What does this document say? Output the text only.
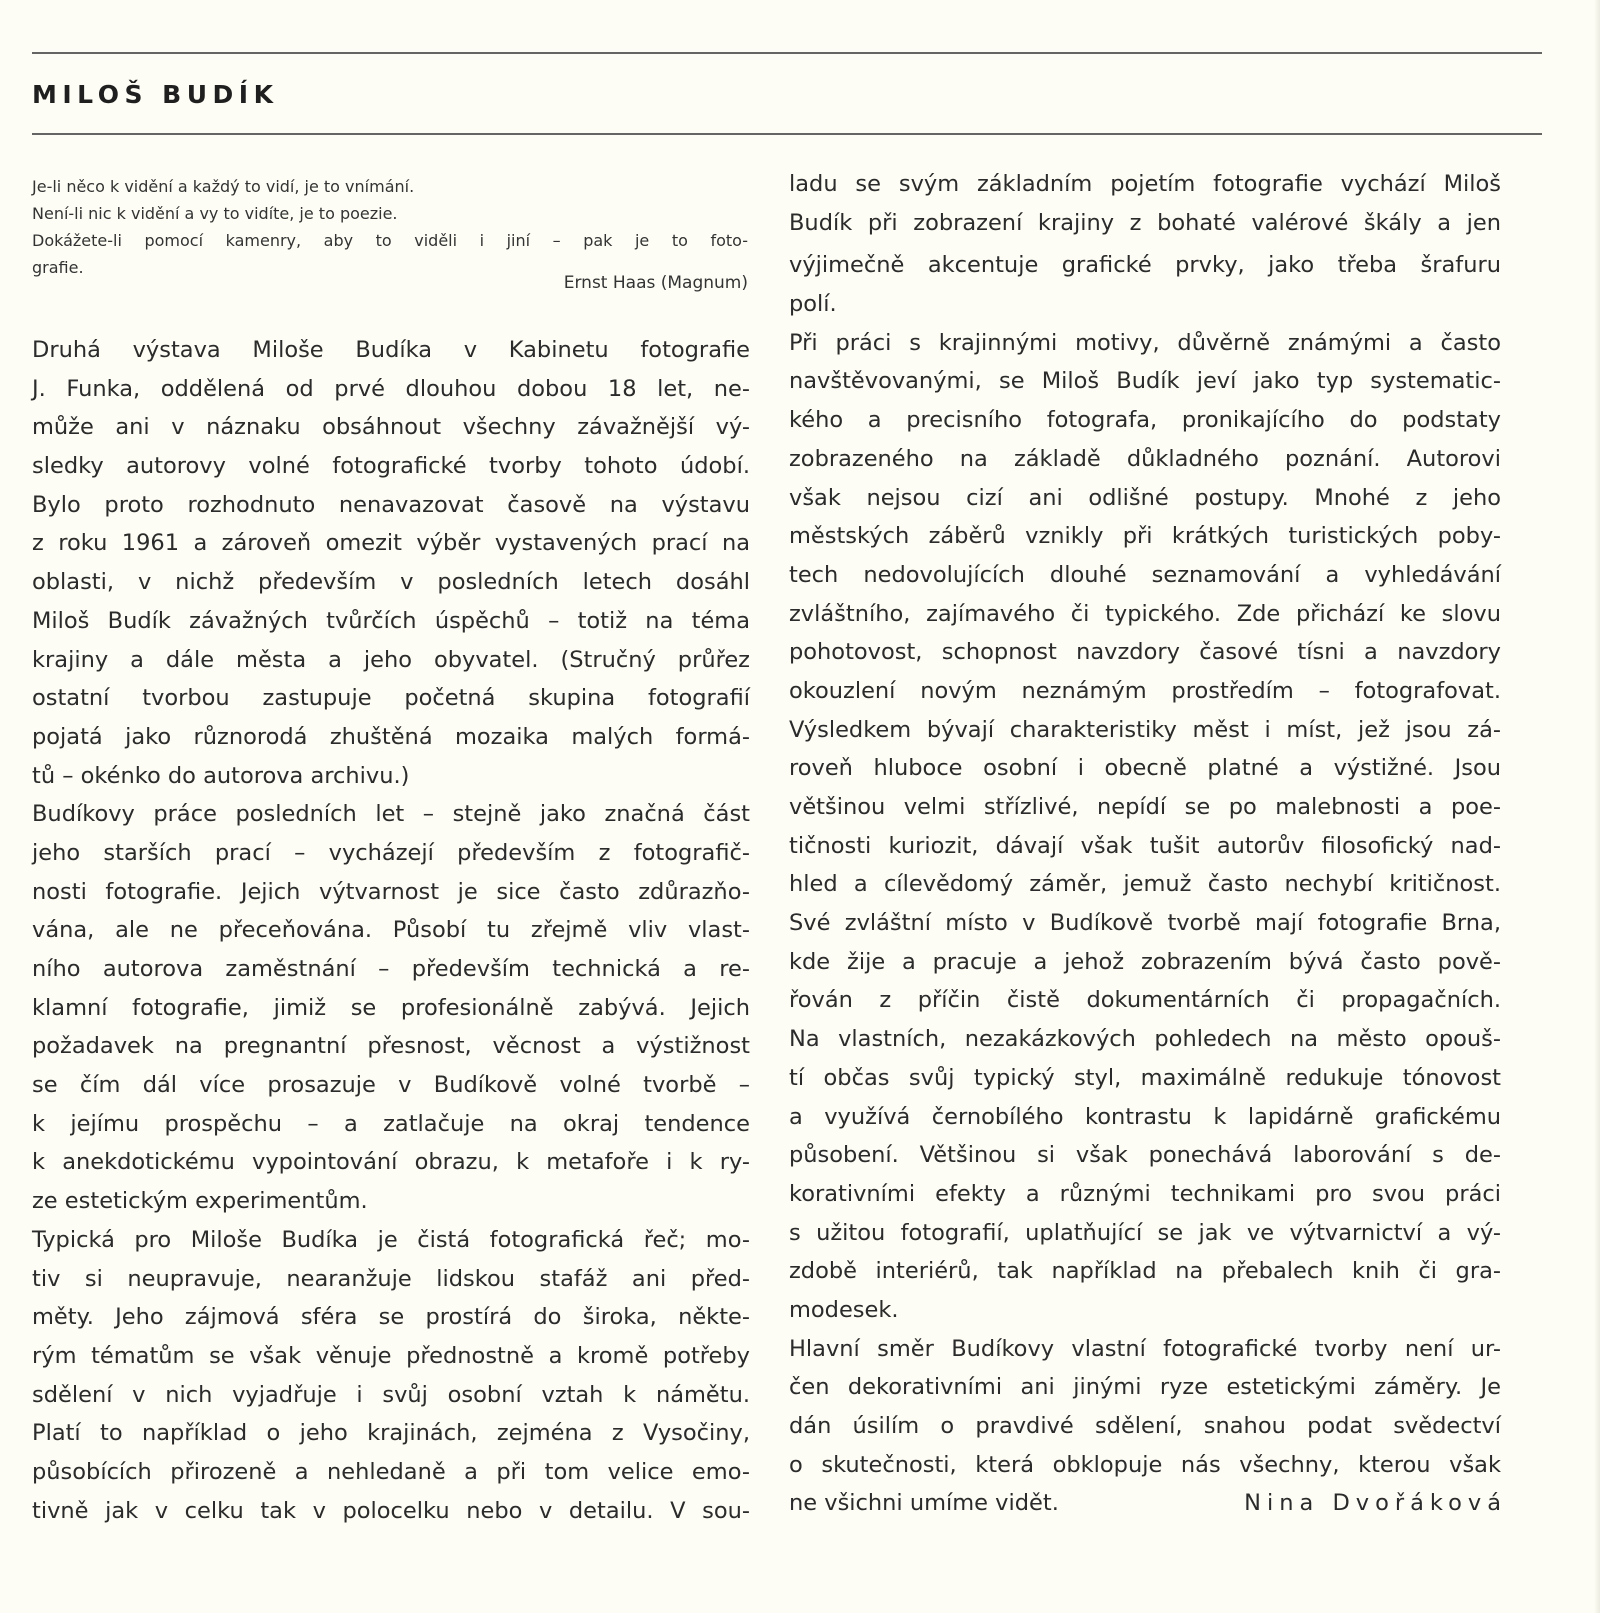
MILOŠ BUDÍK
Je-li něco k vidění a každý to vidí, je to vnímání.
Není-li nic k vidění a vy to vidíte, je to poezie.
Dokážete-li pomocí kamenry, aby to viděli i jiní – pak je to foto-
grafie.
Ernst Haas (Magnum)
Druhá výstava Miloše Budíka v Kabinetu fotografie
J. Funka, oddělená od prvé dlouhou dobou 18 let, ne-
může ani v náznaku obsáhnout všechny závažnější vý-
sledky autorovy volné fotografické tvorby tohoto údobí.
Bylo proto rozhodnuto nenavazovat časově na výstavu
z roku 1961 a zároveň omezit výběr vystavených prací na
oblasti, v nichž především v posledních letech dosáhl
Miloš Budík závažných tvůrčích úspěchů – totiž na téma
krajiny a dále města a jeho obyvatel. (Stručný průřez
ostatní tvorbou zastupuje početná skupina fotografií
pojatá jako různorodá zhuštěná mozaika malých formá-
tů – okénko do autorova archivu.)
Budíkovy práce posledních let – stejně jako značná část
jeho starších prací – vycházejí především z fotografič-
nosti fotografie. Jejich výtvarnost je sice často zdůrazňo-
vána, ale ne přeceňována. Působí tu zřejmě vliv vlast-
ního autorova zaměstnání – především technická a re-
klamní fotografie, jimiž se profesionálně zabývá. Jejich
požadavek na pregnantní přesnost, věcnost a výstižnost
se čím dál více prosazuje v Budíkově volné tvorbě –
k jejímu prospěchu – a zatlačuje na okraj tendence
k anekdotickému vypointování obrazu, k metafoře i k ry-
ze estetickým experimentům.
Typická pro Miloše Budíka je čistá fotografická řeč; mo-
tiv si neupravuje, nearanžuje lidskou stafáž ani před-
měty. Jeho zájmová sféra se prostírá do široka, někte-
rým tématům se však věnuje přednostně a kromě potřeby
sdělení v nich vyjadřuje i svůj osobní vztah k námětu.
Platí to například o jeho krajinách, zejména z Vysočiny,
působících přirozeně a nehledaně a při tom velice emo-
tivně jak v celku tak v polocelku nebo v detailu. V sou-
ladu se svým základním pojetím fotografie vychází Miloš
Budík při zobrazení krajiny z bohaté valérové škály a jen
výjimečně akcentuje grafické prvky, jako třeba šrafuru
polí.
Při práci s krajinnými motivy, důvěrně známými a často
navštěvovanými, se Miloš Budík jeví jako typ systematic-
kého a precisního fotografa, pronikajícího do podstaty
zobrazeného na základě důkladného poznání. Autorovi
však nejsou cizí ani odlišné postupy. Mnohé z jeho
městských záběrů vznikly při krátkých turistických poby-
tech nedovolujících dlouhé seznamování a vyhledávání
zvláštního, zajímavého či typického. Zde přichází ke slovu
pohotovost, schopnost navzdory časové tísni a navzdory
okouzlení novým neznámým prostředím – fotografovat.
Výsledkem bývají charakteristiky měst i míst, jež jsou zá-
roveň hluboce osobní i obecně platné a výstižné. Jsou
většinou velmi střízlivé, nepídí se po malebnosti a poe-
tičnosti kuriozit, dávají však tušit autorův filosofický nad-
hled a cílevědomý záměr, jemuž často nechybí kritičnost.
Své zvláštní místo v Budíkově tvorbě mají fotografie Brna,
kde žije a pracuje a jehož zobrazením bývá často pově-
řován z příčin čistě dokumentárních či propagačních.
Na vlastních, nezakázkových pohledech na město opouš-
tí občas svůj typický styl, maximálně redukuje tónovost
a využívá černobílého kontrastu k lapidárně grafickému
působení. Většinou si však ponechává laborování s de-
korativními efekty a různými technikami pro svou práci
s užitou fotografií, uplatňující se jak ve výtvarnictví a vý-
zdobě interiérů, tak například na přebalech knih či gra-
modesek.
Hlavní směr Budíkovy vlastní fotografické tvorby není ur-
čen dekorativními ani jinými ryze estetickými záměry. Je
dán úsilím o pravdivé sdělení, snahou podat svědectví
o skutečnosti, která obklopuje nás všechny, kterou však
ne všichni umíme vidět.	Nina Dvořáková
